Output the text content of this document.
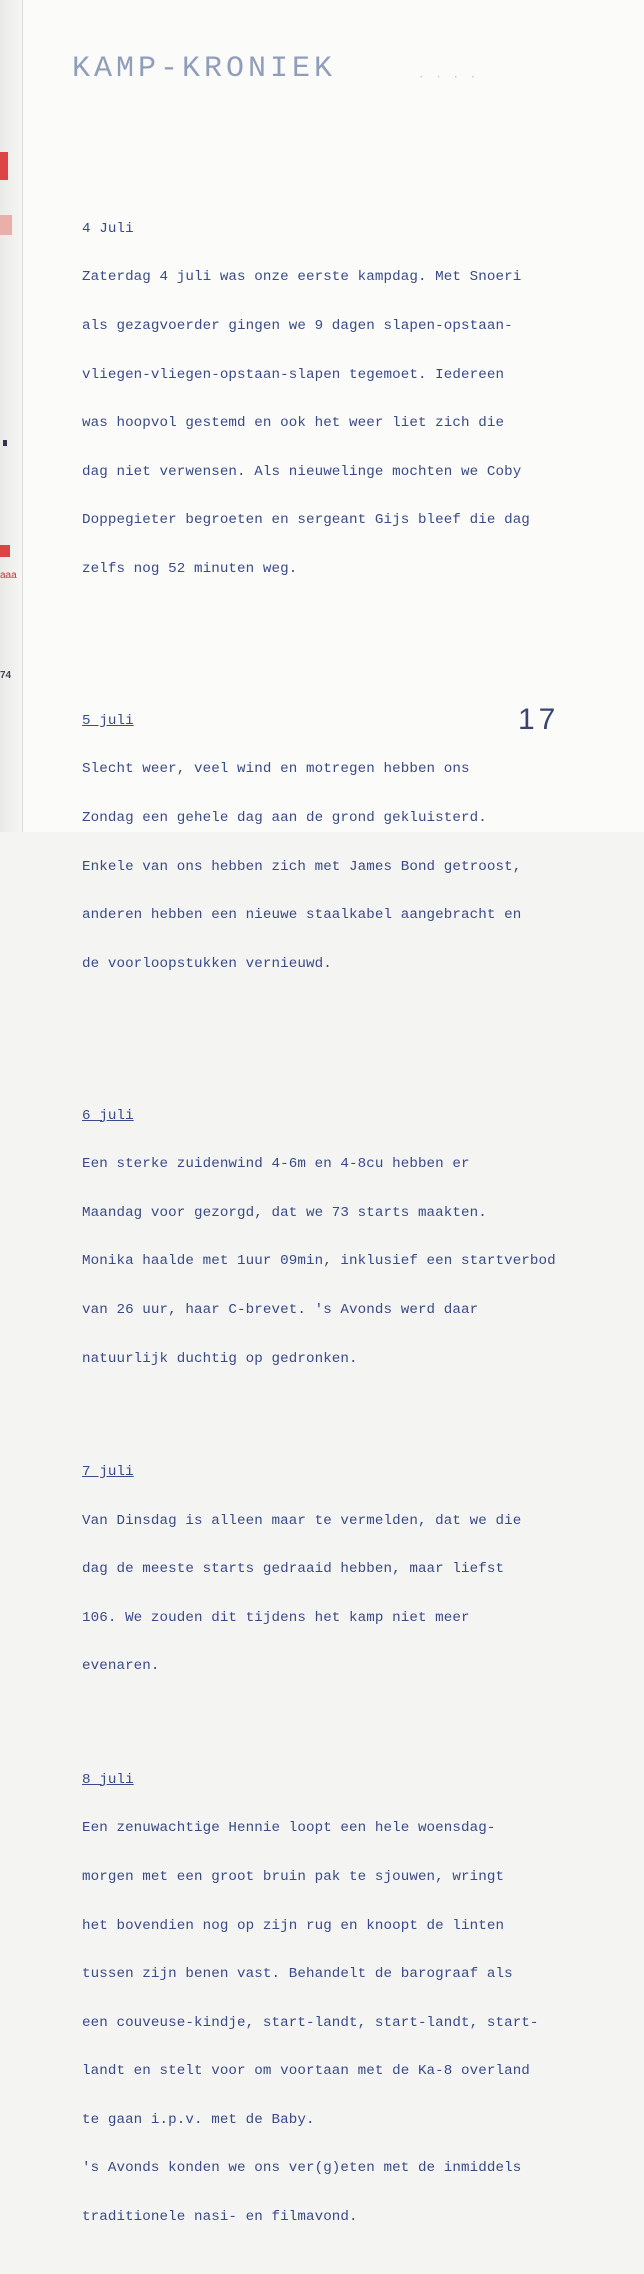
aaa
74
KAMP-KRONIEK	· · · ·

4 Juli

Zaterdag 4 juli was onze eerste kampdag. Met Snoeri

als gezagvoerder gingen we 9 dagen slapen-opstaan-

vliegen-vliegen-opstaan-slapen tegemoet. Iedereen

was hoopvol gestemd en ook het weer liet zich die

dag niet verwensen. Als nieuwelinge mochten we Coby

Doppegieter begroeten en sergeant Gijs bleef die dag

zelfs nog 52 minuten weg.

5 juli

Slecht weer, veel wind en motregen hebben ons

Zondag een gehele dag aan de grond gekluisterd.

Enkele van ons hebben zich met James Bond getroost,

anderen hebben een nieuwe staalkabel aangebracht en

de voorloopstukken vernieuwd.

6 juli

Een sterke zuidenwind 4-6m en 4-8cu hebben er

Maandag voor gezorgd, dat we 73 starts maakten.

Monika haalde met 1uur 09min, inklusief een startverbod

van 26 uur, haar C-brevet. 's Avonds werd daar

natuurlijk duchtig op gedronken.

7 juli

Van Dinsdag is alleen maar te vermelden, dat we die

dag de meeste starts gedraaid hebben, maar liefst

106. We zouden dit tijdens het kamp niet meer

evenaren.

8 juli

Een zenuwachtige Hennie loopt een hele woensdag-

morgen met een groot bruin pak te sjouwen, wringt

het bovendien nog op zijn rug en knoopt de linten

tussen zijn benen vast. Behandelt de barograaf als

een couveuse-kindje, start-landt, start-landt, start-

landt en stelt voor om voortaan met de Ka-8 overland

te gaan i.p.v. met de Baby.

's Avonds konden we ons ver(g)eten met de inmiddels

traditionele nasi- en filmavond.

17
